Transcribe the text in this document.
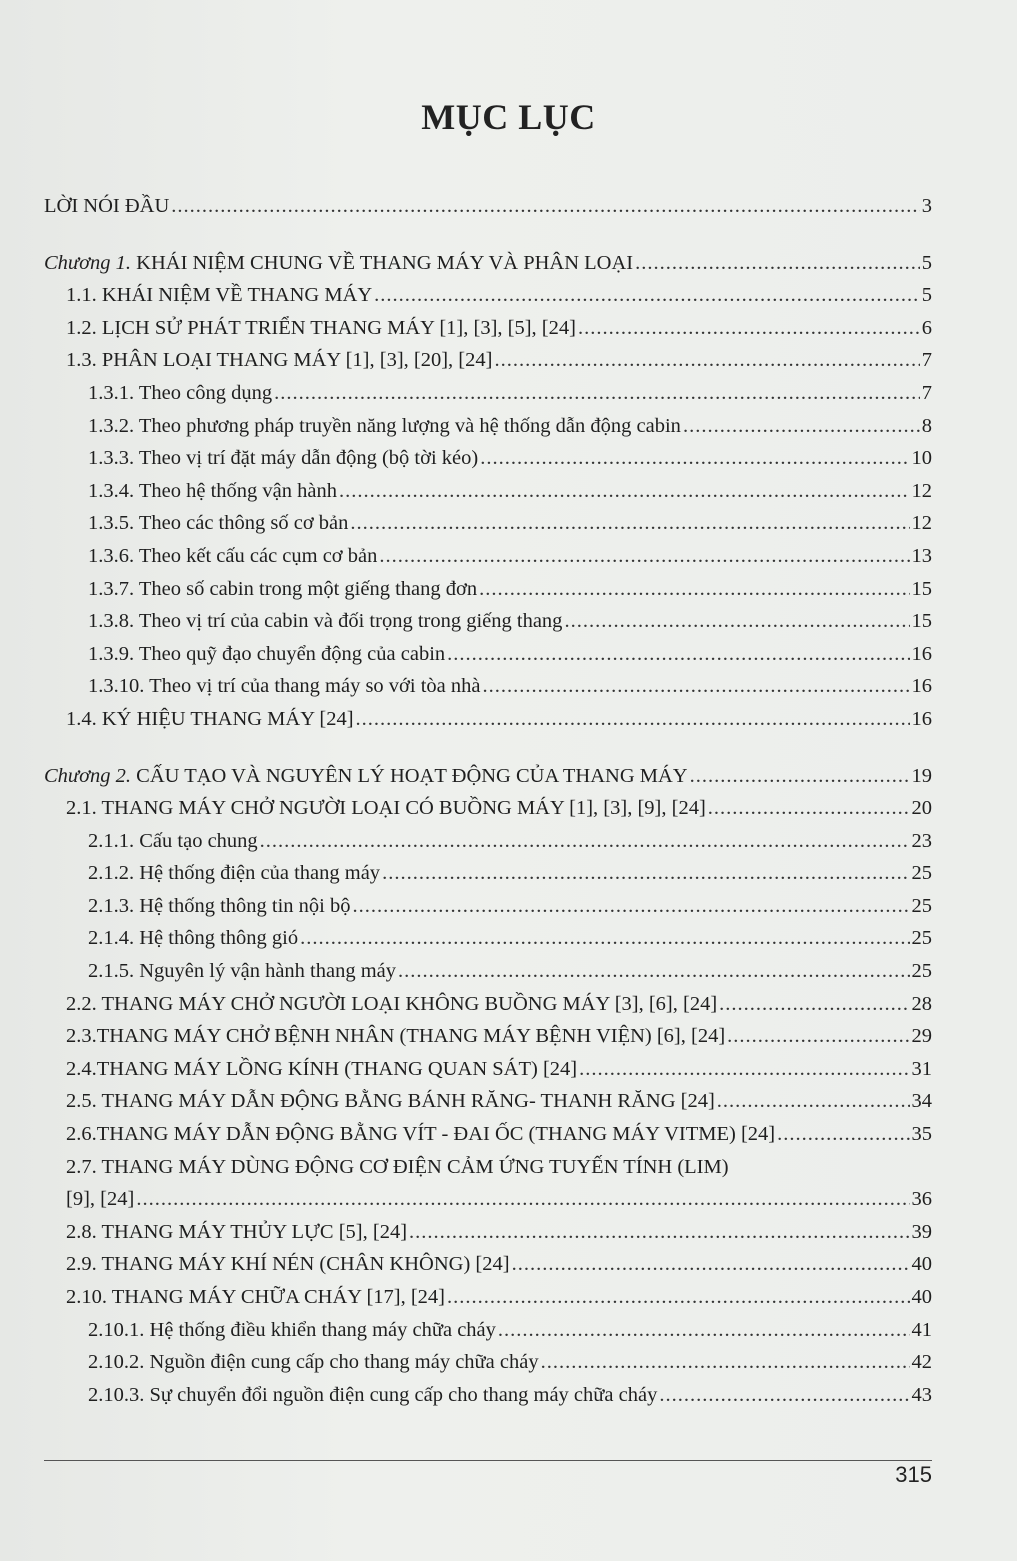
MỤC LỤC
LỜI NÓI ĐẦU .....	3
Chương 1. KHÁI NIỆM CHUNG VỀ THANG MÁY VÀ PHÂN LOẠI .....	5
1.1. KHÁI NIỆM VỀ THANG MÁY .....	5
1.2. LỊCH SỬ PHÁT TRIỂN THANG MÁY [1], [3], [5], [24] .....	6
1.3. PHÂN LOẠI THANG MÁY [1], [3], [20], [24] .....	7
1.3.1. Theo công dụng .....	7
1.3.2. Theo phương pháp truyền năng lượng và hệ thống dẫn động cabin .....	8
1.3.3. Theo vị trí đặt máy dẫn động (bộ tời kéo) .....	10
1.3.4. Theo hệ thống vận hành .....	12
1.3.5. Theo các thông số cơ bản .....	12
1.3.6. Theo kết cấu các cụm cơ bản .....	13
1.3.7. Theo số cabin trong một giếng thang đơn .....	15
1.3.8. Theo vị trí của cabin và đối trọng trong giếng thang .....	15
1.3.9. Theo quỹ đạo chuyển động của cabin .....	16
1.3.10. Theo vị trí của thang máy so với tòa nhà .....	16
1.4. KÝ HIỆU THANG MÁY [24] .....	16
Chương 2. CẤU TẠO VÀ NGUYÊN LÝ HOẠT ĐỘNG CỦA THANG MÁY .....	19
2.1. THANG MÁY CHỞ NGƯỜI LOẠI CÓ BUỒNG MÁY [1], [3], [9], [24] .....	20
2.1.1. Cấu tạo chung .....	23
2.1.2. Hệ thống điện của thang máy .....	25
2.1.3. Hệ thống thông tin nội bộ .....	25
2.1.4. Hệ thông thông gió .....	25
2.1.5. Nguyên lý vận hành thang máy .....	25
2.2. THANG MÁY CHỞ NGƯỜI LOẠI KHÔNG BUỒNG MÁY [3], [6], [24] .....	28
2.3.THANG MÁY CHỞ BỆNH NHÂN (THANG MÁY BỆNH VIỆN) [6], [24] .....	29
2.4.THANG MÁY LỒNG KÍNH (THANG QUAN SÁT) [24] .....	31
2.5. THANG MÁY DẪN ĐỘNG BẰNG BÁNH RĂNG- THANH RĂNG [24] .....	34
2.6.THANG MÁY DẪN ĐỘNG BẰNG VÍT - ĐAI ỐC (THANG MÁY VITME) [24] .....	35
2.7. THANG MÁY DÙNG ĐỘNG CƠ ĐIỆN CẢM ỨNG TUYẾN TÍNH (LIM)
[9], [24] .....	36
2.8. THANG MÁY THỦY LỰC [5], [24] .....	39
2.9. THANG MÁY KHÍ NÉN (CHÂN KHÔNG) [24] .....	40
2.10. THANG MÁY CHỮA CHÁY [17], [24] .....	40
2.10.1. Hệ thống điều khiển thang máy chữa cháy .....	41
2.10.2. Nguồn điện cung cấp cho thang máy chữa cháy .....	42
2.10.3. Sự chuyển đổi nguồn điện cung cấp cho thang máy chữa cháy .....	43
315
